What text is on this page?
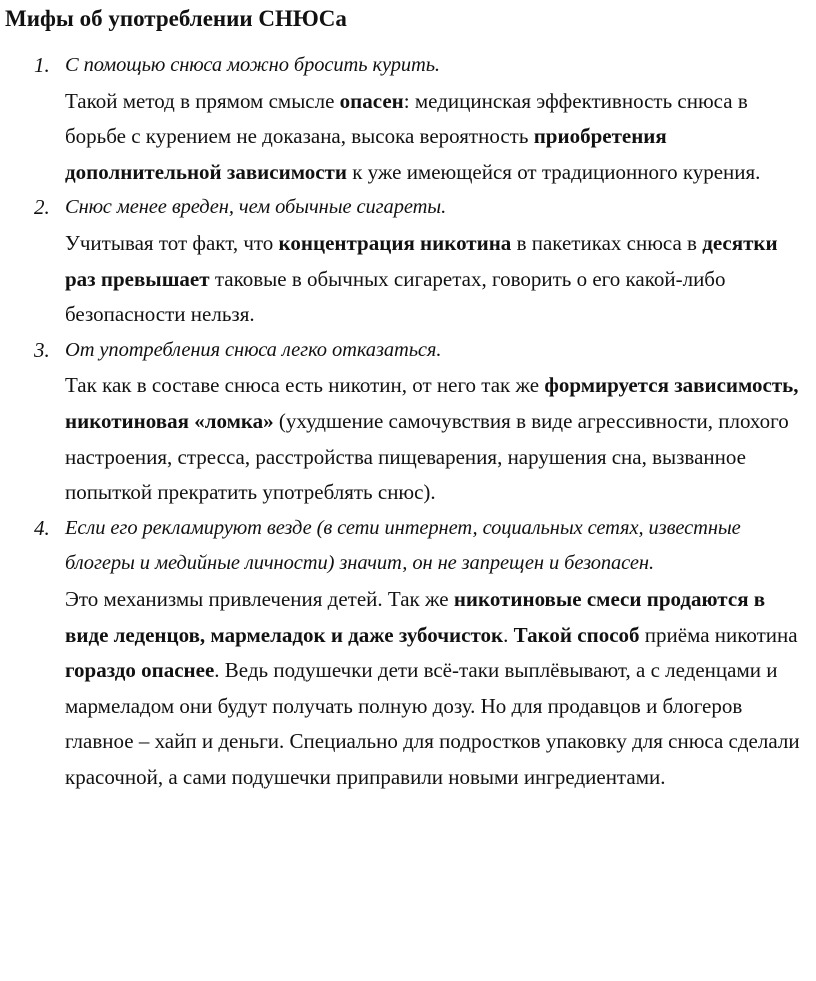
Мифы об употреблении СНЮСа
1. С помощью снюса можно бросить курить.

Такой метод в прямом смысле опасен: медицинская эффективность снюса в борьбе с курением не доказана, высока вероятность приобретения дополнительной зависимости к уже имеющейся от традиционного курения.

2. Снюс менее вреден, чем обычные сигареты.

Учитывая тот факт, что концентрация никотина в пакетиках снюса в десятки раз превышает таковые в обычных сигаретах, говорить о его какой-либо безопасности нельзя.

3. От употребления снюса легко отказаться.

Так как в составе снюса есть никотин, от него так же формируется зависимость, никотиновая «ломка» (ухудшение самочувствия в виде агрессивности, плохого настроения, стресса, расстройства пищеварения, нарушения сна, вызванное попыткой прекратить употреблять снюс).

4. Если его рекламируют везде (в сети интернет, социальных сетях, известные блогеры и медийные личности) значит, он не запрещен и безопасен.

Это механизмы привлечения детей. Так же никотиновые смеси продаются в виде леденцов, мармеладок и даже зубочисток. Такой способ приёма никотина гораздо опаснее. Ведь подушечки дети всё-таки выплёвывают, а с леденцами и мармеладом они будут получать полную дозу. Но для продавцов и блогеров главное – хайп и деньги. Специально для подростков упаковку для снюса сделали красочной, а сами подушечки приправили новыми ингредиентами.
